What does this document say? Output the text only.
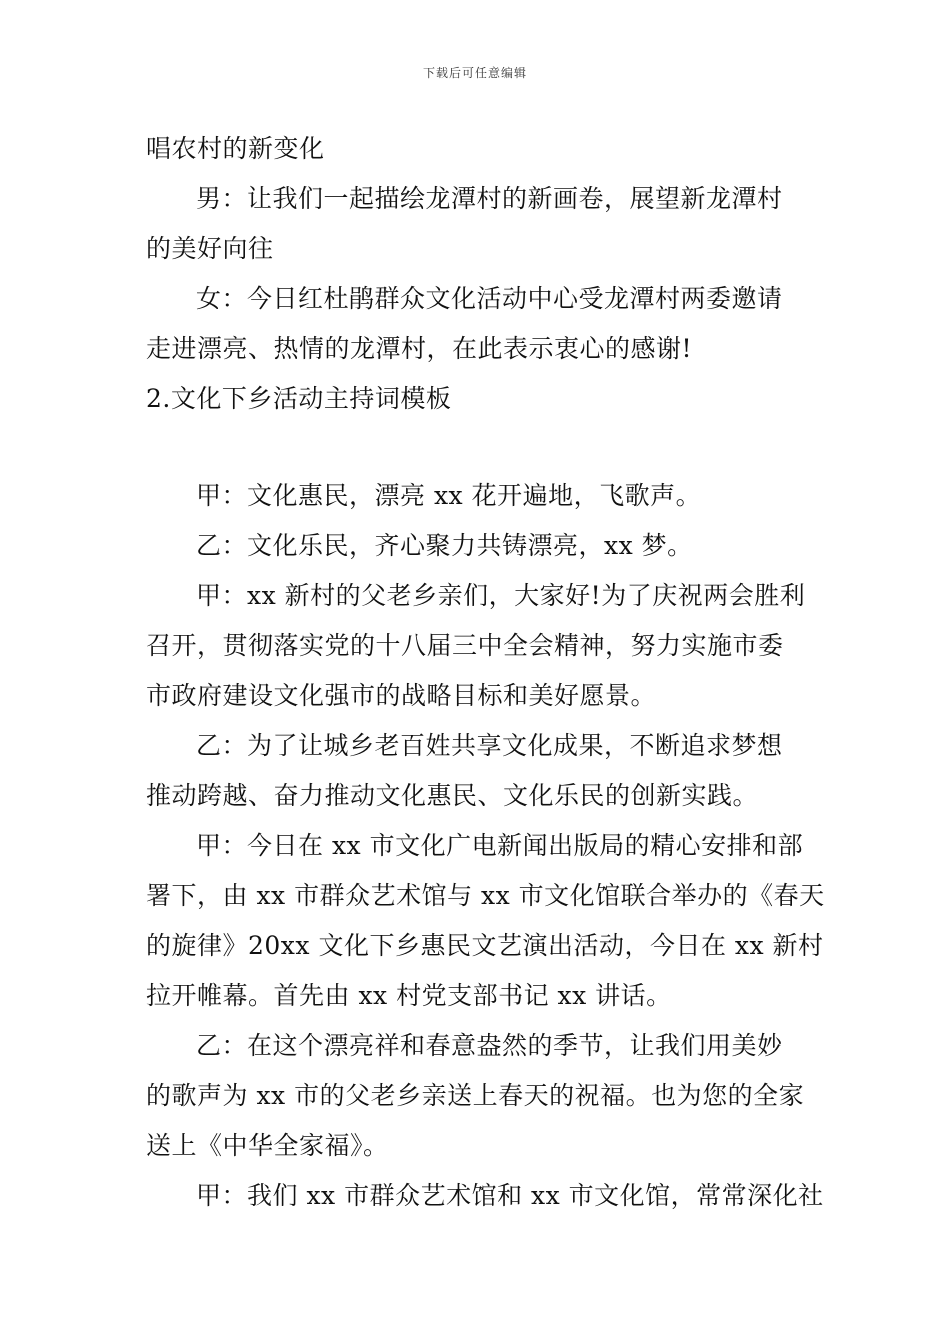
下载后可任意编辑
唱农村的新变化
男：让我们一起描绘龙潭村的新画卷，展望新龙潭村
的美好向往
女：今日红杜鹃群众文化活动中心受龙潭村两委邀请
走进漂亮、热情的龙潭村，在此表示衷心的感谢!
2.文化下乡活动主持词模板
甲：文化惠民，漂亮 xx 花开遍地，飞歌声。
乙：文化乐民，齐心聚力共铸漂亮，xx 梦。
甲：xx 新村的父老乡亲们，大家好!为了庆祝两会胜利
召开，贯彻落实党的十八届三中全会精神，努力实施市委
市政府建设文化强市的战略目标和美好愿景。
乙：为了让城乡老百姓共享文化成果，不断追求梦想
推动跨越、奋力推动文化惠民、文化乐民的创新实践。
甲：今日在 xx 市文化广电新闻出版局的精心安排和部
署下，由 xx 市群众艺术馆与 xx 市文化馆联合举办的《春天
的旋律》20xx 文化下乡惠民文艺演出活动，今日在 xx 新村
拉开帷幕。首先由 xx 村党支部书记 xx 讲话。
乙：在这个漂亮祥和春意盎然的季节，让我们用美妙
的歌声为 xx 市的父老乡亲送上春天的祝福。也为您的全家
送上《中华全家福》。
甲：我们 xx 市群众艺术馆和 xx 市文化馆，常常深化社
